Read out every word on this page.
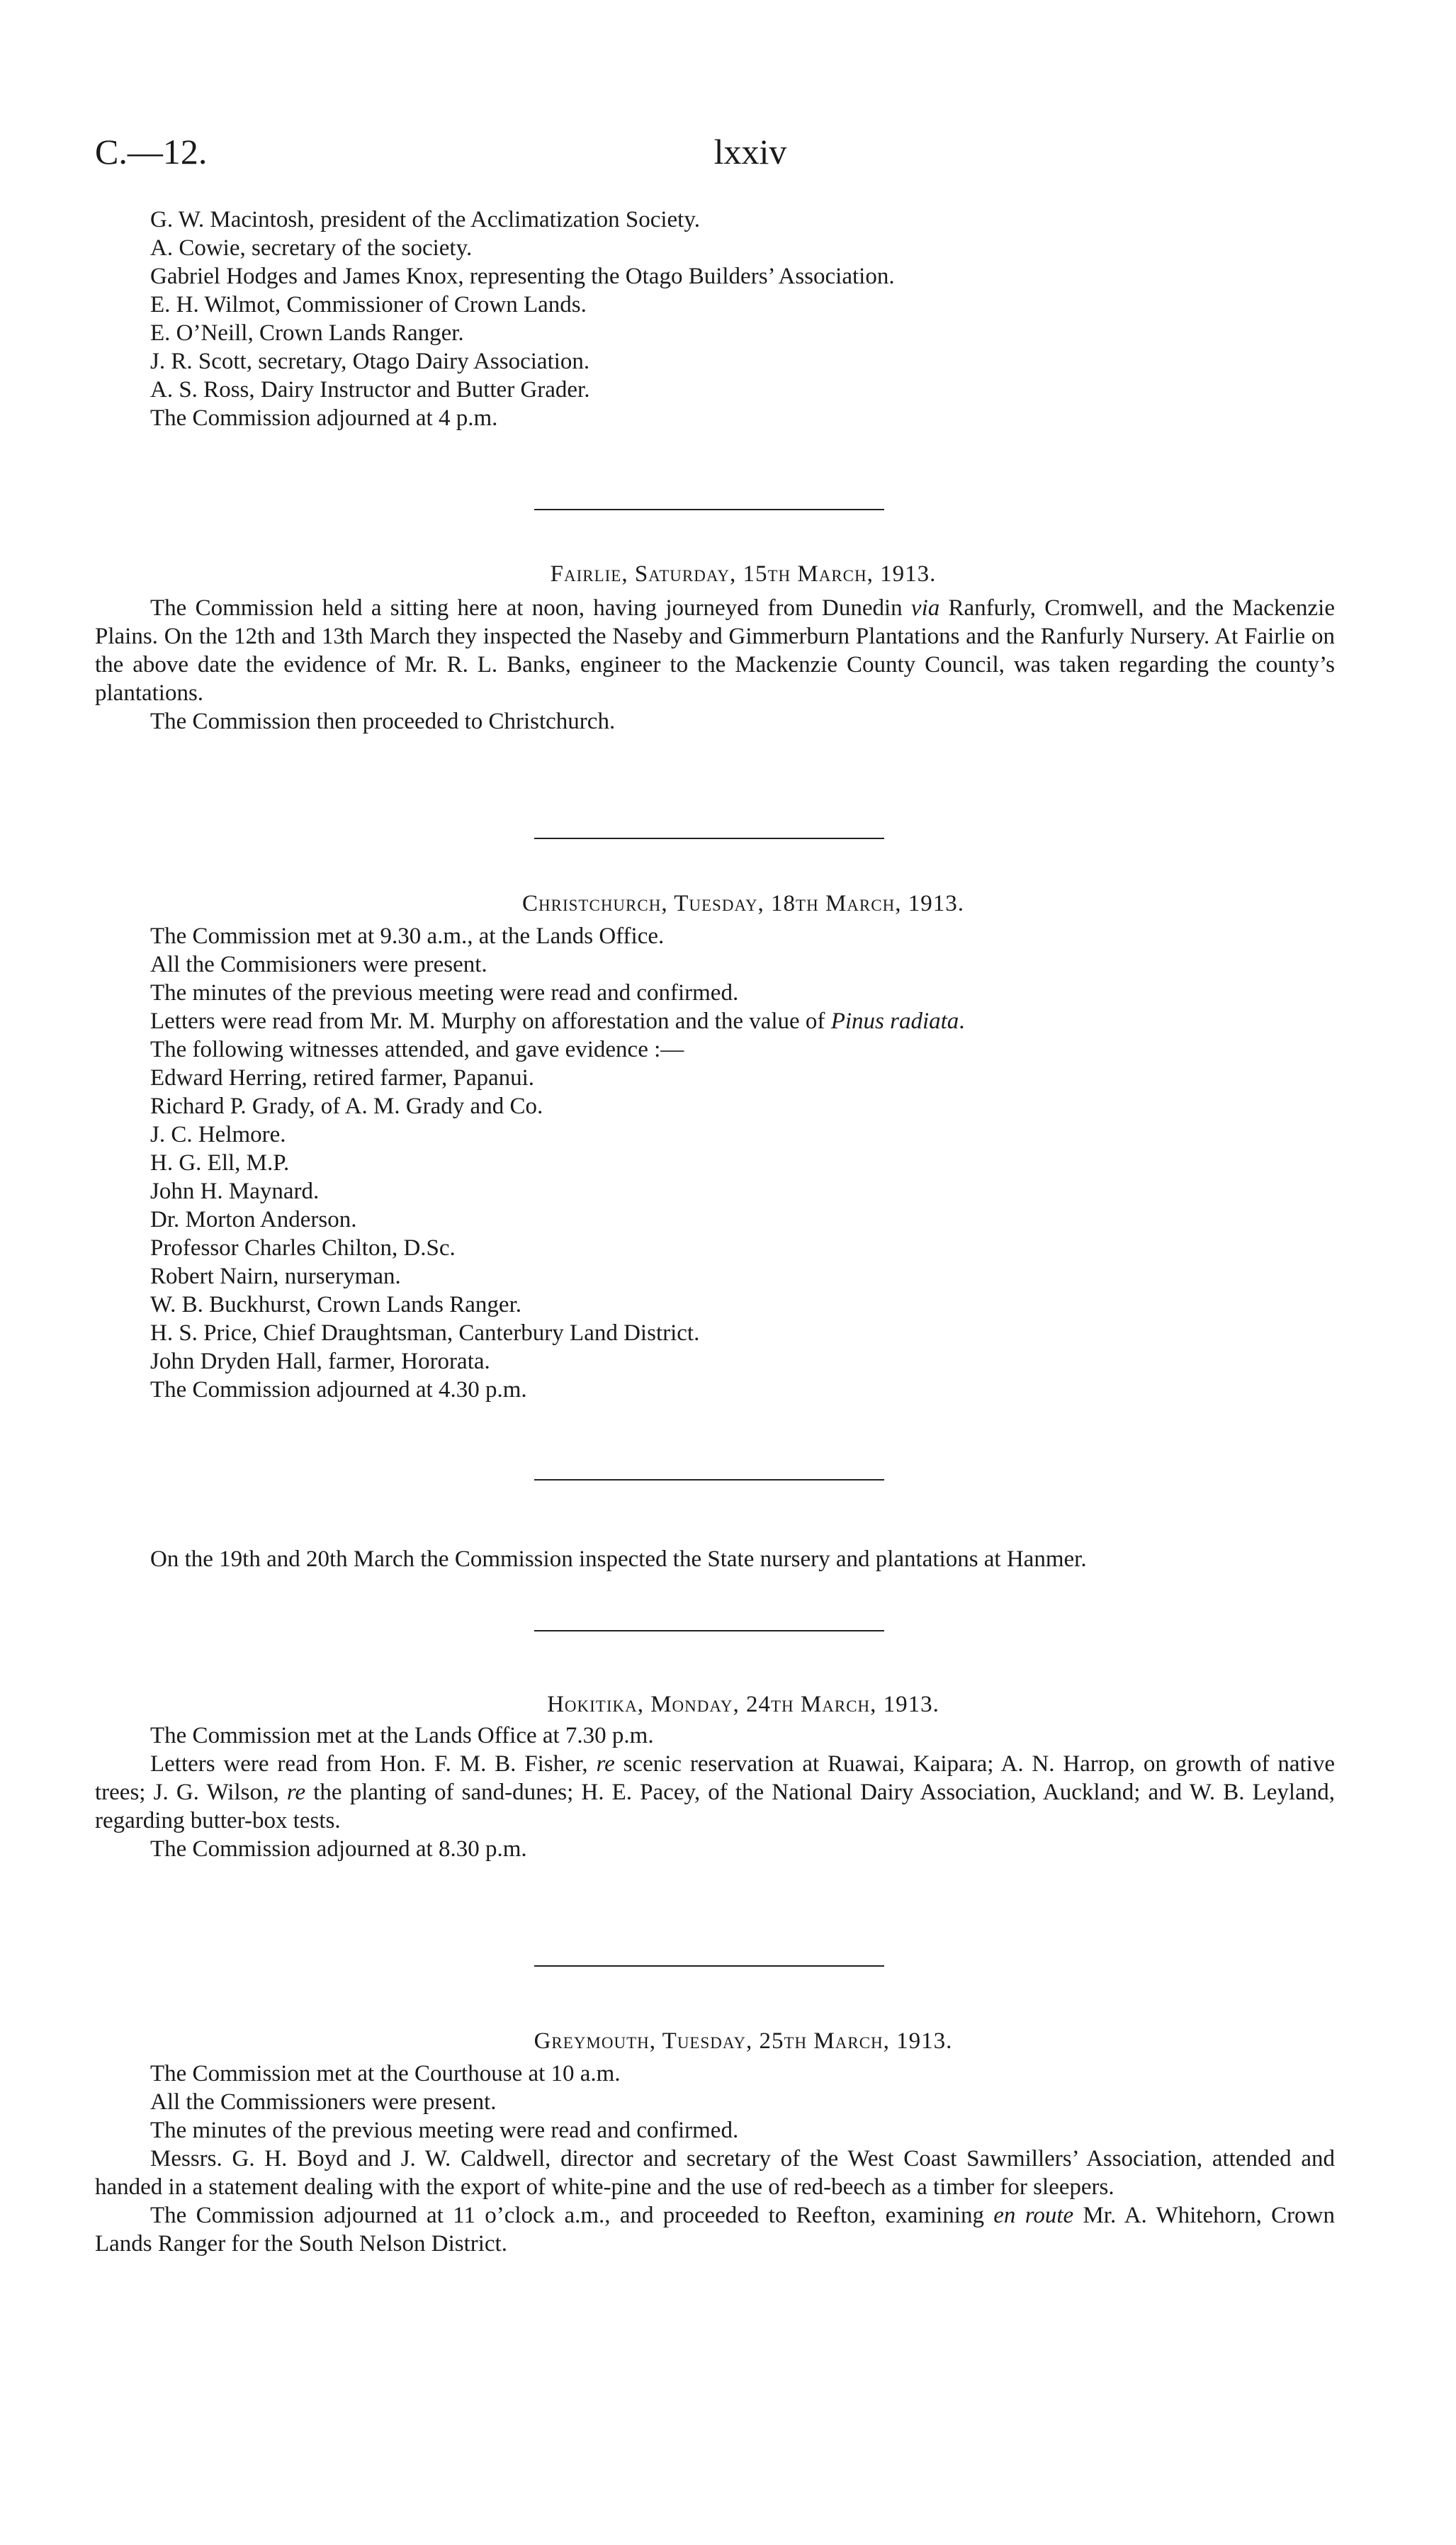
C.—12.	lxxiv
G. W. Macintosh, president of the Acclimatization Society.
A. Cowie, secretary of the society.
Gabriel Hodges and James Knox, representing the Otago Builders’ Association.
E. H. Wilmot, Commissioner of Crown Lands.
E. O’Neill, Crown Lands Ranger.
J. R. Scott, secretary, Otago Dairy Association.
A. S. Ross, Dairy Instructor and Butter Grader.
The Commission adjourned at 4 p.m.
Fairlie, Saturday, 15th March, 1913.
The Commission held a sitting here at noon, having journeyed from Dunedin via Ranfurly, Cromwell, and the Mackenzie Plains. On the 12th and 13th March they inspected the Naseby and Gimmerburn Plantations and the Ranfurly Nursery. At Fairlie on the above date the evidence of Mr. R. L. Banks, engineer to the Mackenzie County Council, was taken regarding the county’s plantations.
The Commission then proceeded to Christchurch.
Christchurch, Tuesday, 18th March, 1913.
The Commission met at 9.30 a.m., at the Lands Office.
All the Commisioners were present.
The minutes of the previous meeting were read and confirmed.
Letters were read from Mr. M. Murphy on afforestation and the value of Pinus radiata.
The following witnesses attended, and gave evidence :—
Edward Herring, retired farmer, Papanui.
Richard P. Grady, of A. M. Grady and Co.
J. C. Helmore.
H. G. Ell, M.P.
John H. Maynard.
Dr. Morton Anderson.
Professor Charles Chilton, D.Sc.
Robert Nairn, nurseryman.
W. B. Buckhurst, Crown Lands Ranger.
H. S. Price, Chief Draughtsman, Canterbury Land District.
John Dryden Hall, farmer, Hororata.
The Commission adjourned at 4.30 p.m.
On the 19th and 20th March the Commission inspected the State nursery and plantations at Hanmer.
Hokitika, Monday, 24th March, 1913.
The Commission met at the Lands Office at 7.30 p.m.
Letters were read from Hon. F. M. B. Fisher, re scenic reservation at Ruawai, Kaipara; A. N. Harrop, on growth of native trees; J. G. Wilson, re the planting of sand-dunes; H. E. Pacey, of the National Dairy Association, Auckland; and W. B. Leyland, regarding butter-box tests.
The Commission adjourned at 8.30 p.m.
Greymouth, Tuesday, 25th March, 1913.
The Commission met at the Courthouse at 10 a.m.
All the Commissioners were present.
The minutes of the previous meeting were read and confirmed.
Messrs. G. H. Boyd and J. W. Caldwell, director and secretary of the West Coast Sawmillers’ Association, attended and handed in a statement dealing with the export of white-pine and the use of red-beech as a timber for sleepers.
The Commission adjourned at 11 o’clock a.m., and proceeded to Reefton, examining en route Mr. A. Whitehorn, Crown Lands Ranger for the South Nelson District.
